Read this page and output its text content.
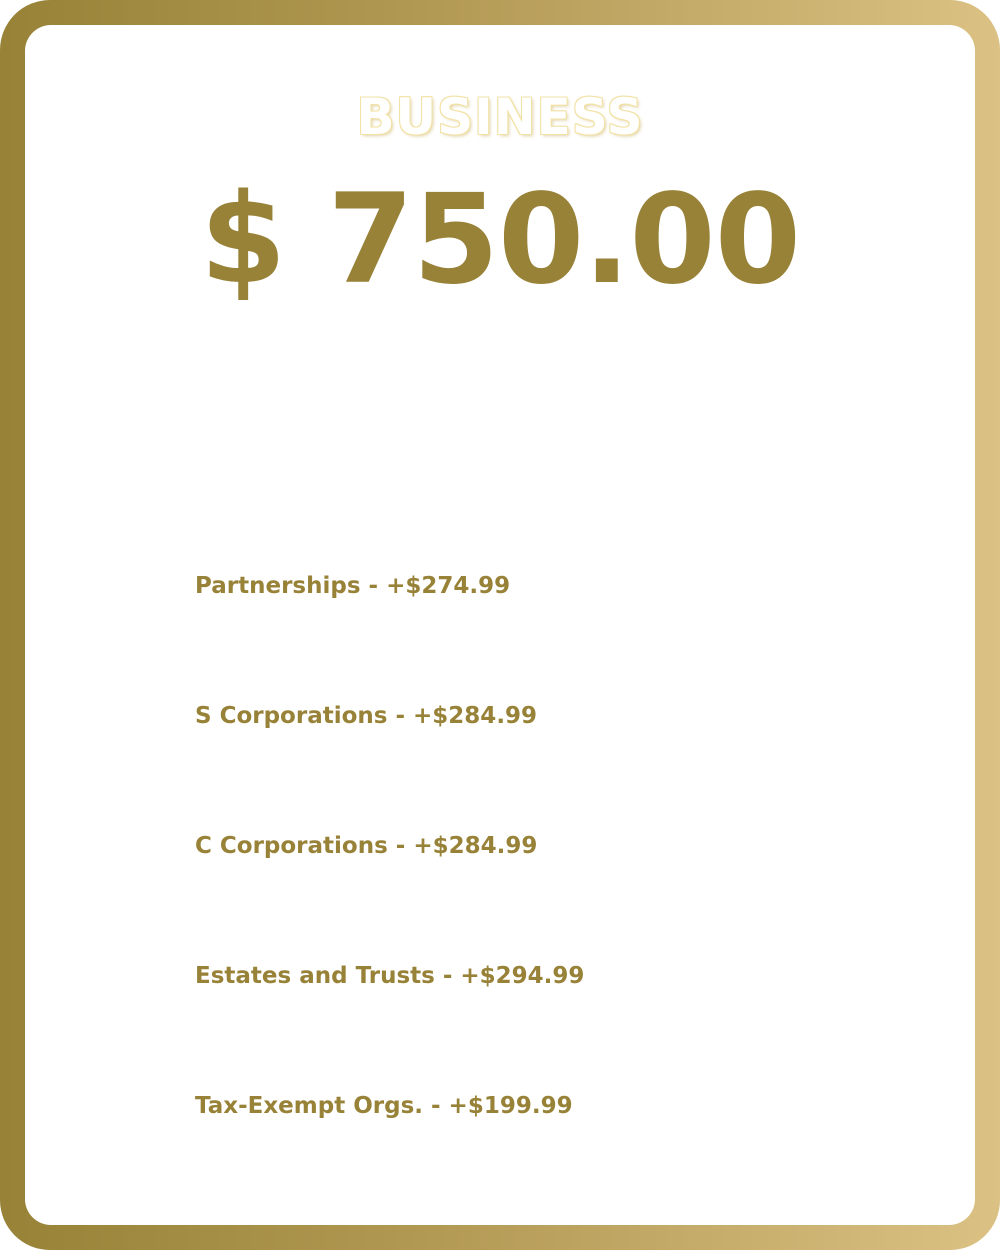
BUSINESS
$ 750.00
Partnerships - +$274.99
S Corporations - +$284.99
C Corporations - +$284.99
Estates and Trusts - +$294.99
Tax-Exempt Orgs. - +$199.99
